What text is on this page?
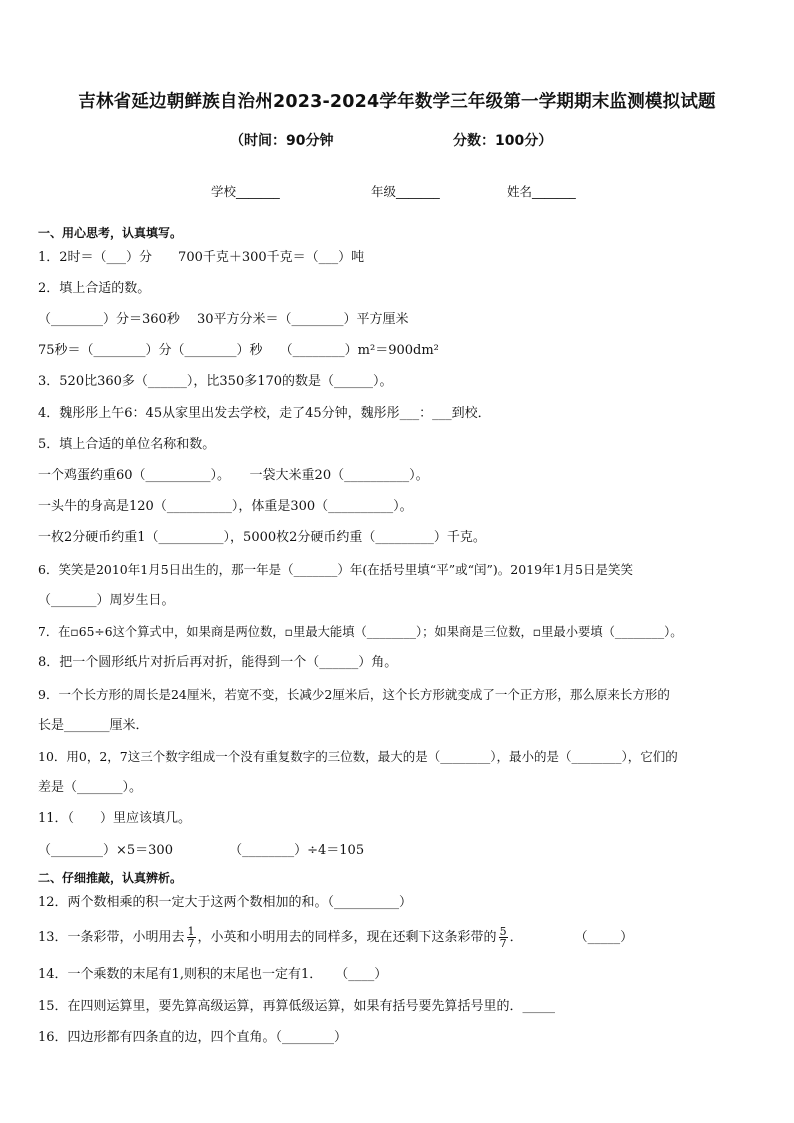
吉林省延边朝鲜族自治州2023-2024学年数学三年级第一学期期末监测模拟试题
（时间：90分钟	分数：100分）
学校_______	年级_______	姓名_______
一、用心思考，认真填写。
1．2时＝（___）分　　700千克＋300千克＝（___）吨
2．填上合适的数。
（________）分＝360秒　 30平方分米＝（________）平方厘米
75秒＝（________）分（________）秒　 （________）m²＝900dm²
3．520比360多（______），比350多170的数是（______）。
4．魏彤彤上午6：45从家里出发去学校，走了45分钟，魏彤彤___：___到校．
5．填上合适的单位名称和数。
一个鸡蛋约重60（__________）。　　一袋大米重20（__________）。
一头牛的身高是120（__________），体重是300（__________）。
一枚2分硬币约重1（__________），5000枚2分硬币约重（_________）千克。
6．笑笑是2010年1月5日出生的，那一年是（_______）年(在括号里填“平”或“闰”)。2019年1月5日是笑笑
（_______）周岁生日。
7．在▫65÷6这个算式中，如果商是两位数，▫里最大能填（________）；如果商是三位数，▫里最小要填（________）。
8．把一个圆形纸片对折后再对折，能得到一个（______）角。
9．一个长方形的周长是24厘米，若宽不变，长减少2厘米后，这个长方形就变成了一个正方形，那么原来长方形的
长是_______厘米．
10．用0，2，7这三个数字组成一个没有重复数字的三位数，最大的是（________），最小的是（________），它们的
差是（_______）。
11．（　　）里应该填几。
（________）×5＝300　　　　 （________）÷4＝105
二、仔细推敲，认真辨析。
12．两个数相乘的积一定大于这两个数相加的和。（__________）
13．一条彩带，小明用去 $\frac{1}{7}$ ，小英和小明用去的同样多，现在还剩下这条彩带的 $\frac{5}{7}$ ．　　　　　（_____）
14．一个乘数的末尾有1,则积的末尾也一定有1．　　（____）
15．在四则运算里，要先算高级运算，再算低级运算，如果有括号要先算括号里的．_____
16．四边形都有四条直的边，四个直角。（________）
